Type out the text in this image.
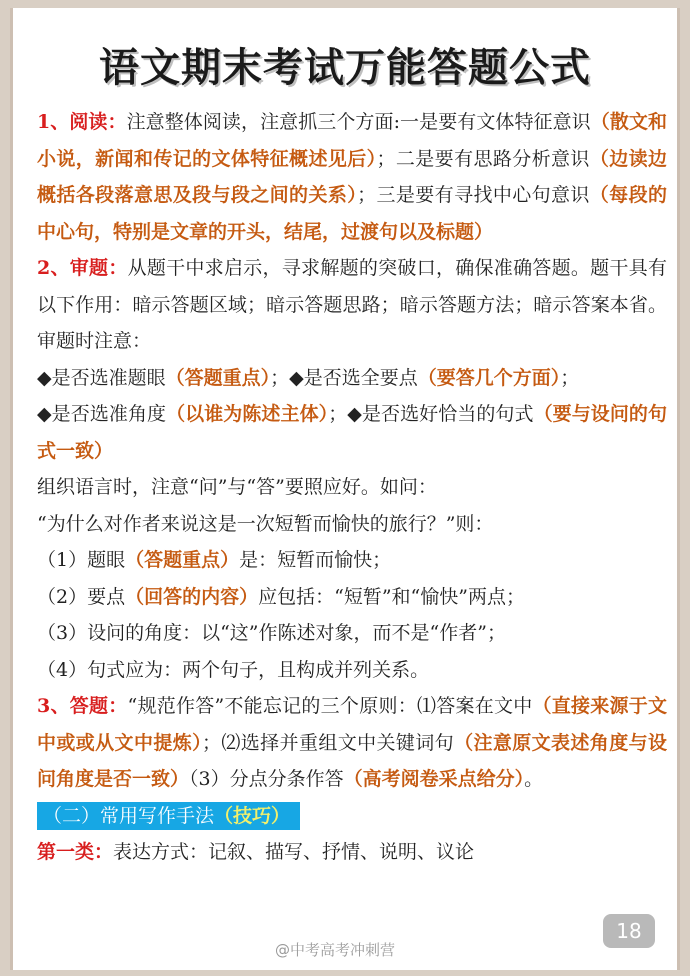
语文期末考试万能答题公式

1、阅读：注意整体阅读，注意抓三个方面:一是要有文体特征意识（散文和小说，新闻和传记的文体特征概述见后）；二是要有思路分析意识（边读边概括各段落意思及段与段之间的关系）；三是要有寻找中心句意识（每段的中心句，特别是文章的开头，结尾，过渡句以及标题）

2、审题：从题干中求启示，寻求解题的突破口，确保准确答题。题干具有以下作用：暗示答题区域；暗示答题思路；暗示答题方法；暗示答案本省。审题时注意：

◆是否选准题眼（答题重点）；◆是否选全要点（要答几个方面）；

◆是否选准角度（以谁为陈述主体）；◆是否选好恰当的句式（要与设问的句式一致）

组织语言时，注意“问”与“答”要照应好。如问：

“为什么对作者来说这是一次短暂而愉快的旅行？”则：

（1）题眼（答题重点）是：短暂而愉快；

（2）要点（回答的内容）应包括：“短暂”和“愉快”两点；

（3）设问的角度：以“这”作陈述对象，而不是“作者”；

（4）句式应为：两个句子，且构成并列关系。

3、答题：“规范作答”不能忘记的三个原则：⑴答案在文中（直接来源于文中或或从文中提炼）；⑵选择并重组文中关键词句（注意原文表述角度与设问角度是否一致）（3）分点分条作答（高考阅卷采点给分）。

（二）常用写作手法（技巧）

第一类：表达方式：记叙、描写、抒情、说明、议论

18
@中考高考冲刺营
